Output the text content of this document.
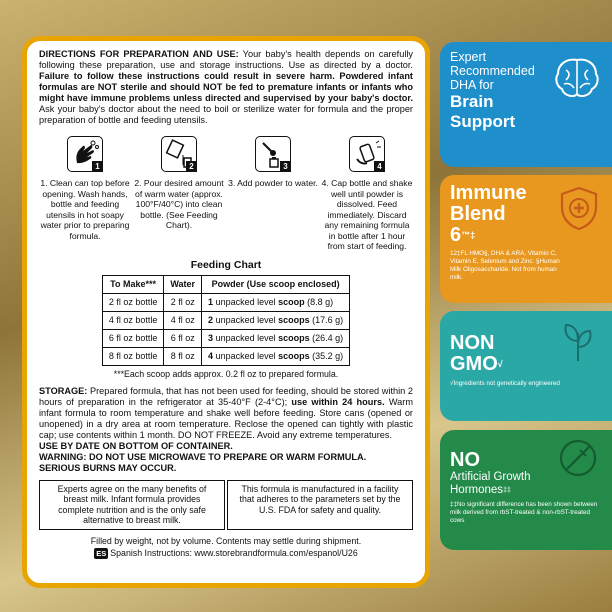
DIRECTIONS FOR PREPARATION AND USE: Your baby's health depends on carefully following these preparation, use and storage instructions. Use as directed by a doctor. Failure to follow these instructions could result in severe harm. Powdered infant formulas are NOT sterile and should NOT be fed to premature infants or infants who might have immune problems unless directed and supervised by your baby's doctor. Ask your baby's doctor about the need to boil or sterilize water for formula and the proper preparation of bottle and feeding utensils.

1
1. Clean can top before opening. Wash hands, bottle and feeding utensils in hot soapy water prior to preparing formula.
2
2. Pour desired amount of warm water (approx. 100°F/40°C) into clean bottle. (See Feeding Chart).
3
3. Add powder to water.
4
4. Cap bottle and shake well until powder is dissolved. Feed immediately. Discard any remaining formula in bottle after 1 hour from start of feeding.
Feeding Chart
To Make***	Water	Powder (Use scoop enclosed)
2 fl oz bottle	2 fl oz	1 unpacked level scoop (8.8 g)
4 fl oz bottle	4 fl oz	2 unpacked level scoops (17.6 g)
6 fl oz bottle	6 fl oz	3 unpacked level scoops (26.4 g)
8 fl oz bottle	8 fl oz	4 unpacked level scoops (35.2 g)
***Each scoop adds approx. 0.2 fl oz to prepared formula.

STORAGE: Prepared formula, that has not been used for feeding, should be stored within 2 hours of preparation in the refrigerator at 35-40°F (2-4°C); use within 24 hours. Warm infant formula to room temperature and shake well before feeding. Store cans (opened or unopened) in a dry area at room temperature. Reclose the opened can tightly with plastic cap; use contents within 1 month. DO NOT FREEZE. Avoid any extreme temperatures.

USE BY DATE ON BOTTOM OF CONTAINER.

WARNING: DO NOT USE MICROWAVE TO PREPARE OR WARM FORMULA.

SERIOUS BURNS MAY OCCUR.

Experts agree on the many benefits of breast milk. Infant formula provides complete nutrition and is the only safe alternative to breast milk.
This formula is manufactured in a facility that adheres to the parameters set by the U.S. FDA for safety and quality.
Filled by weight, not by volume. Contents may settle during shipment.
ES Spanish Instructions: www.storebrandformula.com/espanol/U26
Expert
Recommended
DHA for
Brain
Support
Immune
Blend
6™‡
12‡FL HMO§, DHA & ARA, Vitamin C, Vitamin E, Selenium and Zinc. §Human Milk Oligosaccharide. Not from human milk.
NON
GMO√
√Ingredients not genetically engineered
NO
Artificial Growth
Hormones‡‡
‡‡No significant difference has been shown between milk derived from rbST-treated & non-rbST-treated cows
